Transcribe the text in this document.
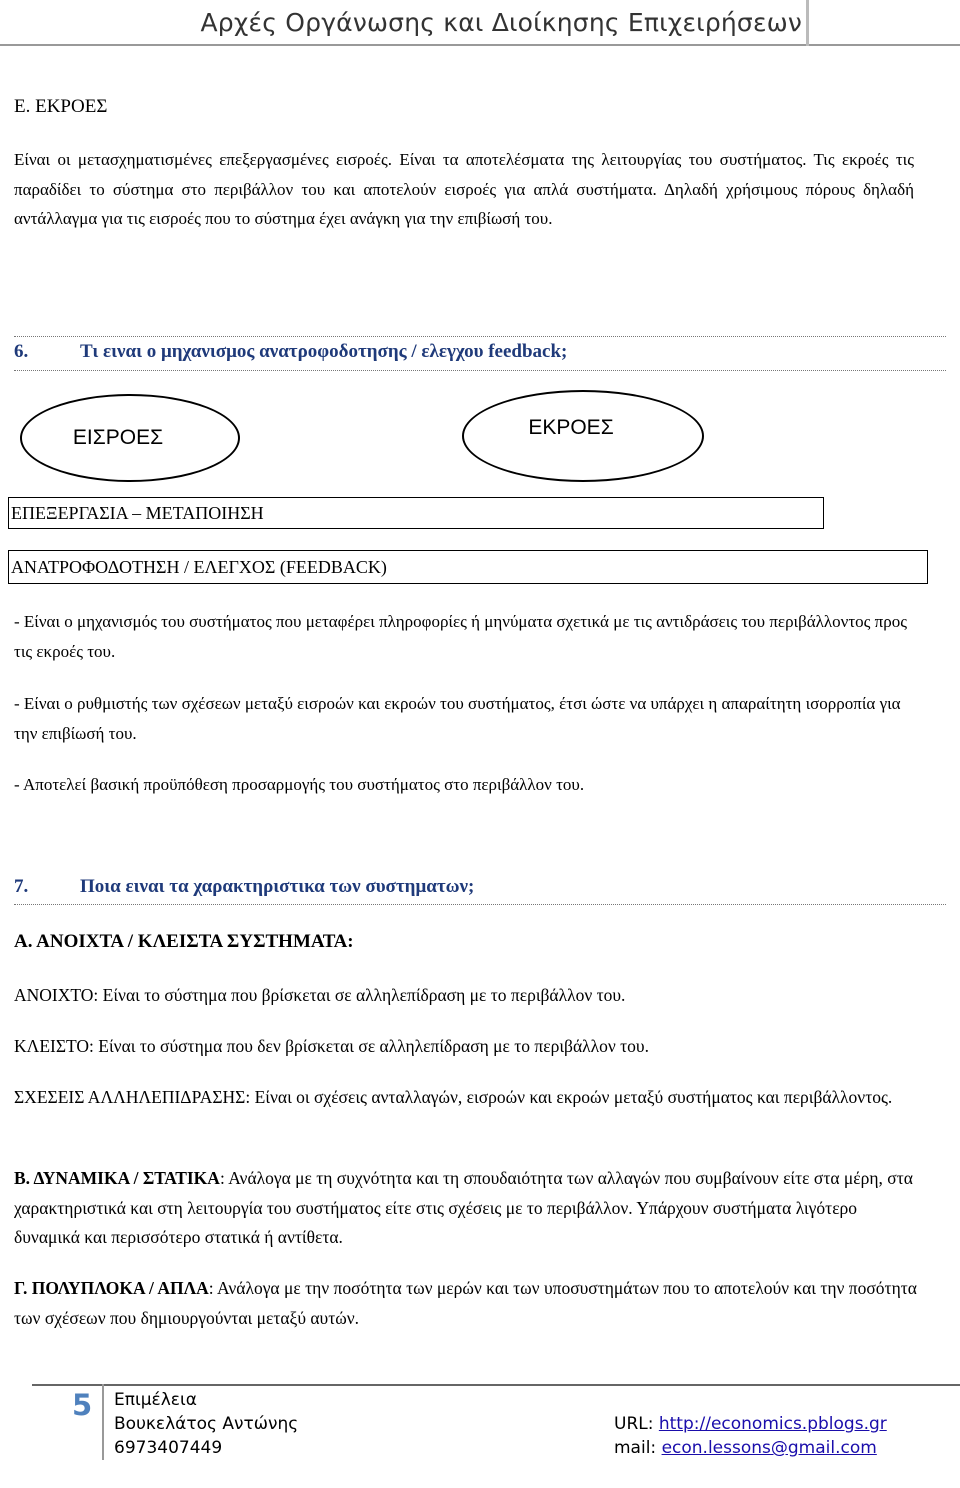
Αρχές Οργάνωσης και Διοίκησης Επιχειρήσεων
Ε. ΕΚΡΟΕΣ

Είναι οι μετασχηματισμένες επεξεργασμένες εισροές. Είναι τα αποτελέσματα της λειτουργίας του συστήματος. Τις εκροές τις παραδίδει το σύστημα στο περιβάλλον του και αποτελούν εισροές για απλά συστήματα. Δηλαδή χρήσιμους πόρους δηλαδή αντάλλαγμα για τις εισροές που το σύστημα έχει ανάγκη για την επιβίωσή του.

6.	Τι ειναι ο μηχανισμος ανατροφοδοτησης / ελεγχου feedback;
ΕΙΣΡΟΕΣ	ΕΚΡΟΕΣ
ΕΠΕΞΕΡΓΑΣΙΑ – ΜΕΤΑΠΟΙΗΣΗ
ΑΝΑΤΡΟΦΟΔΟΤΗΣΗ / ΕΛΕΓΧΟΣ (FEEDBACK)

- Είναι ο μηχανισμός του συστήματος που μεταφέρει πληροφορίες ή μηνύματα σχετικά με τις αντιδράσεις του περιβάλλοντος προς τις εκροές του.

- Είναι ο ρυθμιστής των σχέσεων μεταξύ εισροών και εκροών του συστήματος, έτσι ώστε να υπάρχει η απαραίτητη ισορροπία για την επιβίωσή του.

- Αποτελεί βασική προϋπόθεση προσαρμογής του συστήματος στο περιβάλλον του.

7.	Ποια ειναι τα χαρακτηριστικα των συστηματων;
Α. ΑΝΟΙΧΤΑ / ΚΛΕΙΣΤΑ ΣΥΣΤΗΜΑΤΑ:

ΑΝΟΙΧΤΟ: Είναι το σύστημα που βρίσκεται σε αλληλεπίδραση με το περιβάλλον του.

ΚΛΕΙΣΤΟ: Είναι το σύστημα που δεν βρίσκεται σε αλληλεπίδραση με το περιβάλλον του.

ΣΧΕΣΕΙΣ ΑΛΛΗΛΕΠΙΔΡΑΣΗΣ: Είναι οι σχέσεις ανταλλαγών, εισροών και εκροών μεταξύ συστήματος και περιβάλλοντος.

Β. ΔΥΝΑΜΙΚΑ / ΣΤΑΤΙΚΑ: Ανάλογα με τη συχνότητα και τη σπουδαιότητα των αλλαγών που συμβαίνουν είτε στα μέρη, στα χαρακτηριστικά και στη λειτουργία του συστήματος είτε στις σχέσεις με το περιβάλλον. Υπάρχουν συστήματα λιγότερο δυναμικά και περισσότερο στατικά ή αντίθετα.

Γ. ΠΟΛΥΠΛΟΚΑ / ΑΠΛΑ: Ανάλογα με την ποσότητα των μερών και των υποσυστημάτων που το αποτελούν και την ποσότητα των σχέσεων που δημιουργούνται μεταξύ αυτών.

5 Επιμέλεια
Βουκελάτος Αντώνης
6973407449
URL: http://economics.pblogs.gr
mail: econ.lessons@gmail.com
